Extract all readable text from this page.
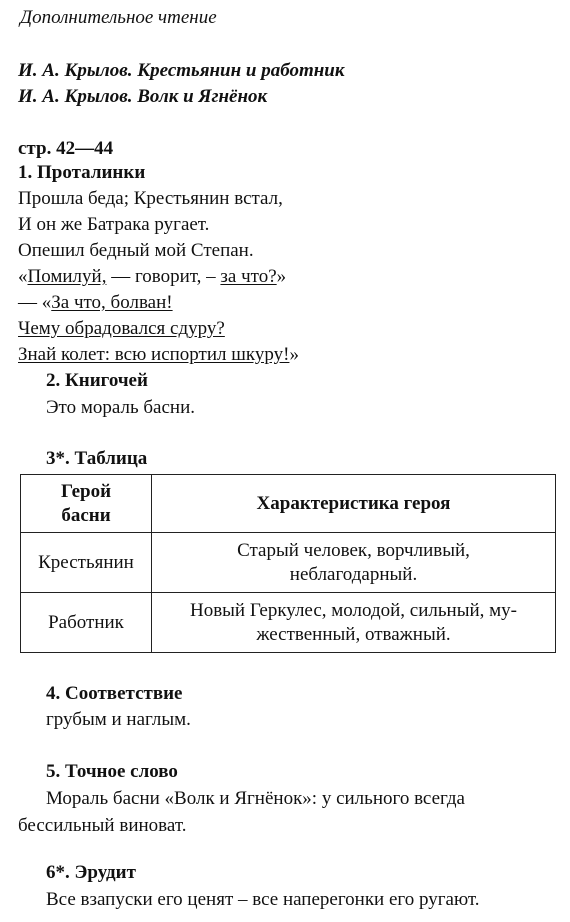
Дополнительное чтение
И. А. Крылов. Крестьянин и работник
И. А. Крылов. Волк и Ягнёнок
стр. 42—44
1. Проталинки
Прошла беда; Крестьянин встал,
И он же Батрака ругает.
Опешил бедный мой Степан.
«Помилуй, — говорит, – за что?»
— «За что, болван!
Чему обрадовался сдуру?
Знай колет: всю испортил шкуру!»
2. Книгочей
Это мораль басни.
3*. Таблица
Герой
басни	Характеристика героя
Крестьянин	Старый человек, ворчливый,
неблагодарный.
Работник	Новый Геркулес, молодой, сильный, му-
жественный, отважный.
4. Соответствие
грубым и наглым.
5. Точное слово
Мораль басни «Волк и Ягнёнок»: у сильного всегда
бессильный виноват.
6*. Эрудит
Все взапуски его ценят – все наперегонки его ругают.
